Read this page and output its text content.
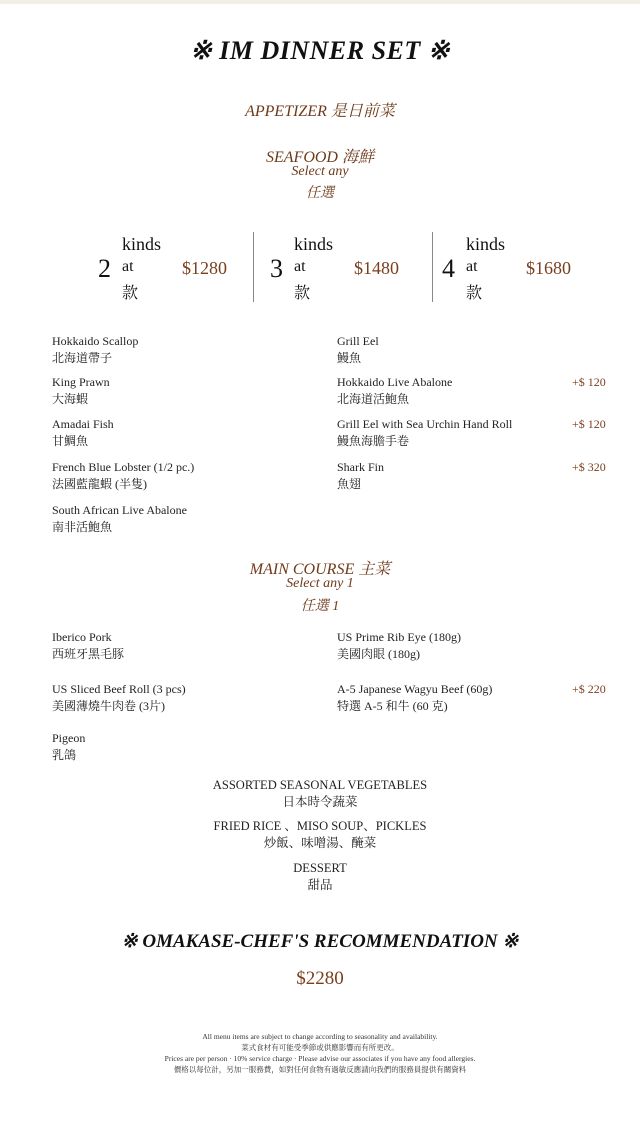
※ IM DINNER SET ※
APPETIZER 是日前菜
SEAFOOD 海鮮
Select any
任選
2
kinds
at
款
$1280 3
kinds
at
款
$1480 4
kinds
at
款
$1680
Hokkaido Scallop
北海道帶子
King Prawn
大海蝦
Amadai Fish
甘鯛魚
French Blue Lobster (1/2 pc.)
法國藍龍蝦 (半隻)
South African Live Abalone
南非活鮑魚
Grill Eel
鰻魚
Hokkaido Live Abalone
北海道活鮑魚
+$ 120
Grill Eel with Sea Urchin Hand Roll
鰻魚海膽手卷
+$ 120
Shark Fin
魚翅
+$ 320
MAIN COURSE 主菜
Select any 1
任選 1
Iberico Pork
西班牙黑毛豚
US Sliced Beef Roll (3 pcs)
美國薄燒牛肉卷 (3片)
Pigeon
乳鴿
US Prime Rib Eye (180g)
美國肉眼 (180g)
A-5 Japanese Wagyu Beef (60g)
特選 A-5 和牛 (60 克)
+$ 220
ASSORTED SEASONAL VEGETABLES
日本時令蔬菜
FRIED RICE 、MISO SOUP、PICKLES
炒飯、味噌湯、醃菜
DESSERT
甜品
※ OMAKASE-CHEF'S RECOMMENDATION ※
$2280
All menu items are subject to change according to seasonality and availability.
菜式食材有可能受季節或供應影響而有所更改。
Prices are per person · 10% service charge · Please advise our associates if you have any food allergies.
價格以每位計，另加一服務費，如對任何食物有過敏反應請向我們的服務員提供有關資料
